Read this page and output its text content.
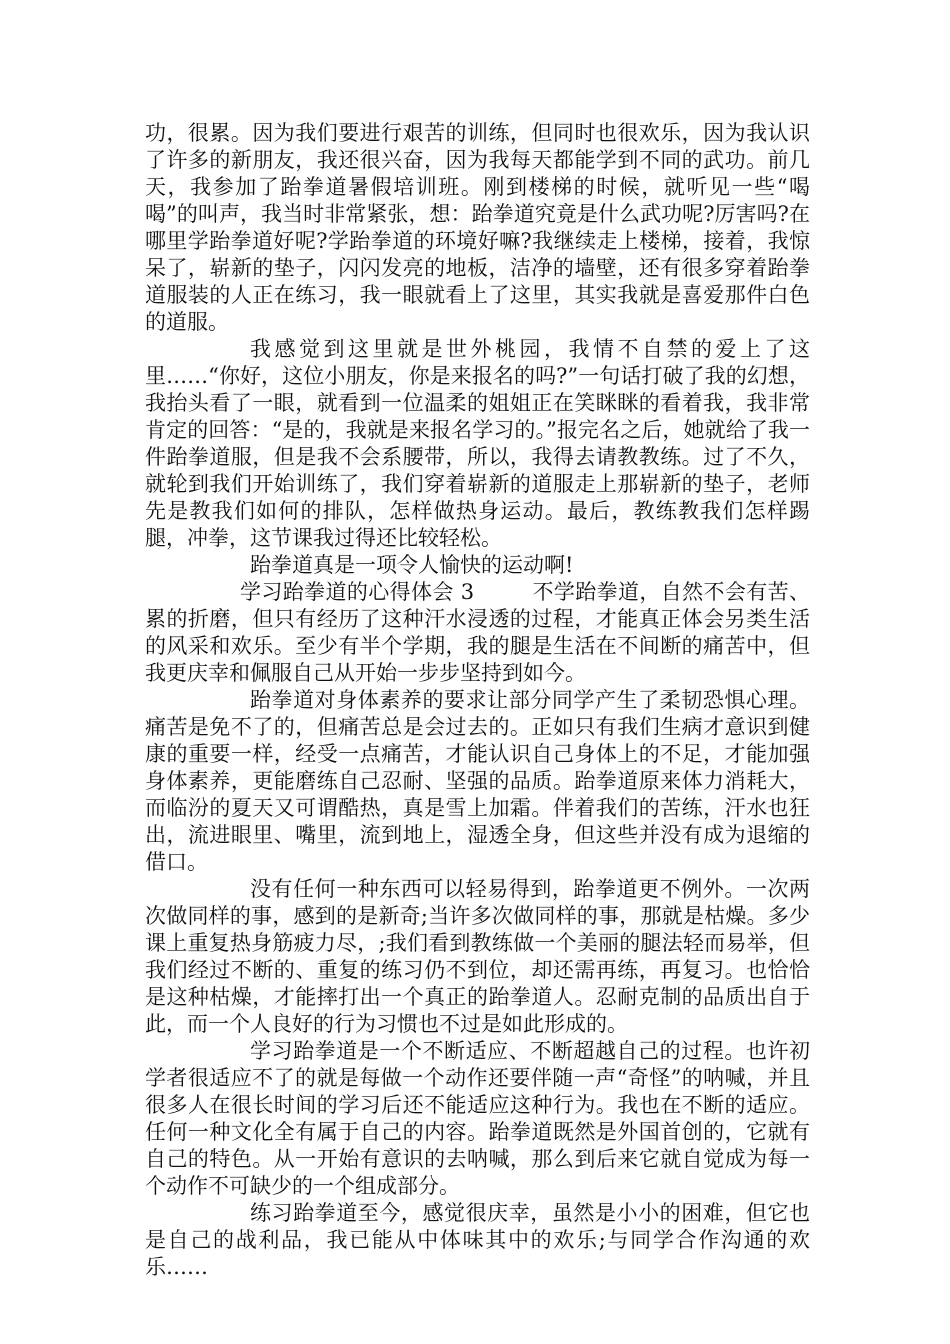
功，很累。因为我们要进行艰苦的训练，但同时也很欢乐，因为我认识了许多的新朋友，我还很兴奋，因为我每天都能学到不同的武功。前几天，我参加了跆拳道暑假培训班。刚到楼梯的时候，就听见一些“喝喝”的叫声，我当时非常紧张，想：跆拳道究竟是什么武功呢?厉害吗?在哪里学跆拳道好呢?学跆拳道的环境好嘛?我继续走上楼梯，接着，我惊呆了，崭新的垫子，闪闪发亮的地板，洁净的墙壁，还有很多穿着跆拳道服装的人正在练习，我一眼就看上了这里，其实我就是喜爱那件白色的道服。

我感觉到这里就是世外桃园，我情不自禁的爱上了这里……“你好，这位小朋友，你是来报名的吗?”一句话打破了我的幻想，我抬头看了一眼，就看到一位温柔的姐姐正在笑眯眯的看着我，我非常肯定的回答：“是的，我就是来报名学习的。”报完名之后，她就给了我一件跆拳道服，但是我不会系腰带，所以，我得去请教教练。过了不久，就轮到我们开始训练了，我们穿着崭新的道服走上那崭新的垫子，老师先是教我们如何的排队，怎样做热身运动。最后，教练教我们怎样踢腿，冲拳，这节课我过得还比较轻松。

跆拳道真是一项令人愉快的运动啊!

学习跆拳道的心得体会 3	不学跆拳道，自然不会有苦、累的折磨，但只有经历了这种汗水浸透的过程，才能真正体会另类生活的风采和欢乐。至少有半个学期，我的腿是生活在不间断的痛苦中，但我更庆幸和佩服自己从开始一步步坚持到如今。

跆拳道对身体素养的要求让部分同学产生了柔韧恐惧心理。痛苦是免不了的，但痛苦总是会过去的。正如只有我们生病才意识到健康的重要一样，经受一点痛苦，才能认识自己身体上的不足，才能加强身体素养，更能磨练自己忍耐、坚强的品质。跆拳道原来体力消耗大，而临汾的夏天又可谓酷热，真是雪上加霜。伴着我们的苦练，汗水也狂出，流进眼里、嘴里，流到地上，湿透全身，但这些并没有成为退缩的借口。

没有任何一种东西可以轻易得到，跆拳道更不例外。一次两次做同样的事，感到的是新奇;当许多次做同样的事，那就是枯燥。多少课上重复热身筋疲力尽，;我们看到教练做一个美丽的腿法轻而易举，但我们经过不断的、重复的练习仍不到位，却还需再练，再复习。也恰恰是这种枯燥，才能摔打出一个真正的跆拳道人。忍耐克制的品质出自于此，而一个人良好的行为习惯也不过是如此形成的。

学习跆拳道是一个不断适应、不断超越自己的过程。也许初学者很适应不了的就是每做一个动作还要伴随一声“奇怪”的呐喊，并且很多人在很长时间的学习后还不能适应这种行为。我也在不断的适应。任何一种文化全有属于自己的内容。跆拳道既然是外国首创的，它就有自己的特色。从一开始有意识的去呐喊，那么到后来它就自觉成为每一个动作不可缺少的一个组成部分。

练习跆拳道至今，感觉很庆幸，虽然是小小的困难，但它也是自己的战利品，我已能从中体味其中的欢乐;与同学合作沟通的欢乐……
